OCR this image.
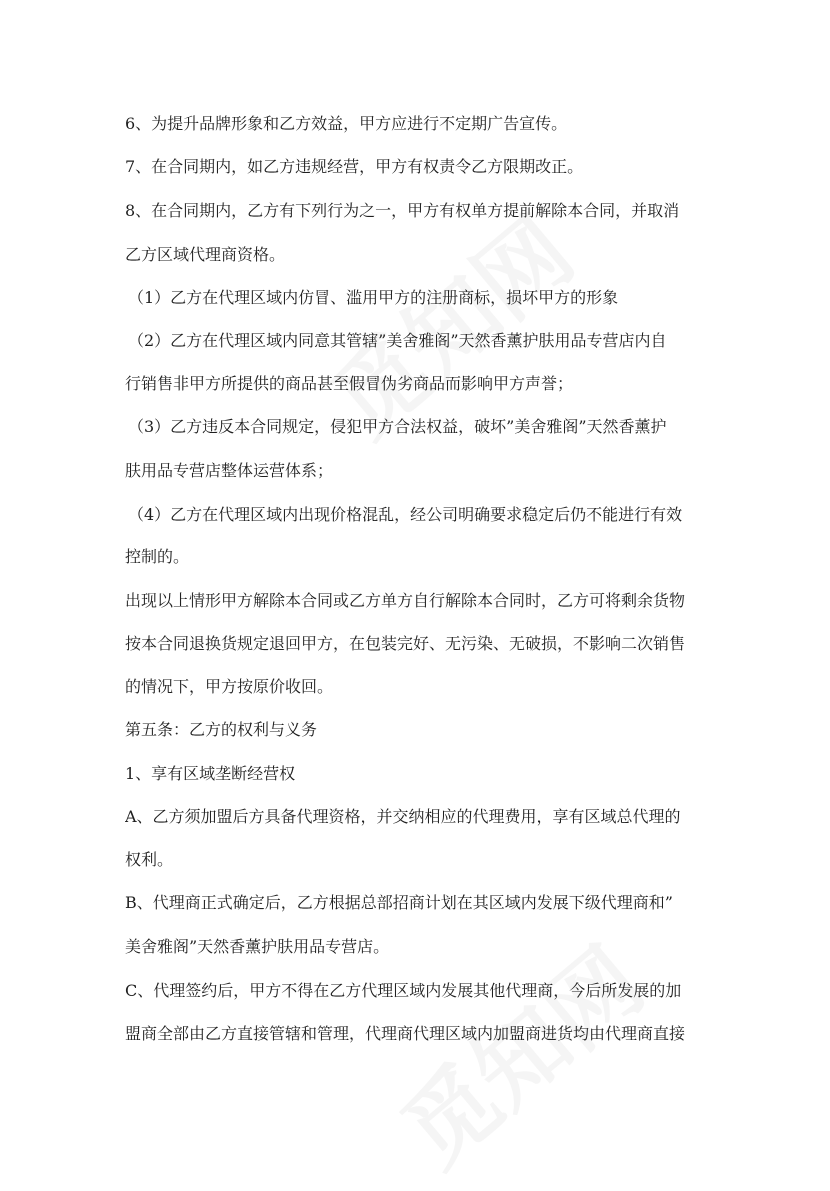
6、为提升品牌形象和乙方效益，甲方应进行不定期广告宣传。
7、在合同期内，如乙方违规经营，甲方有权责令乙方限期改正。
8、在合同期内，乙方有下列行为之一，甲方有权单方提前解除本合同，并取消
乙方区域代理商资格。
（1）乙方在代理区域内仿冒、滥用甲方的注册商标，损坏甲方的形象
（2）乙方在代理区域内同意其管辖”美舍雅阁”天然香薰护肤用品专营店内自
行销售非甲方所提供的商品甚至假冒伪劣商品而影响甲方声誉；
（3）乙方违反本合同规定，侵犯甲方合法权益，破坏”美舍雅阁”天然香薰护
肤用品专营店整体运营体系；
（4）乙方在代理区域内出现价格混乱，经公司明确要求稳定后仍不能进行有效
控制的。
出现以上情形甲方解除本合同或乙方单方自行解除本合同时，乙方可将剩余货物
按本合同退换货规定退回甲方，在包装完好、无污染、无破损，不影响二次销售
的情况下，甲方按原价收回。
第五条：乙方的权利与义务
1、享有区域垄断经营权
A、乙方须加盟后方具备代理资格，并交纳相应的代理费用，享有区域总代理的
权利。
B、代理商正式确定后，乙方根据总部招商计划在其区域内发展下级代理商和”
美舍雅阁”天然香薰护肤用品专营店。
C、代理签约后，甲方不得在乙方代理区域内发展其他代理商，今后所发展的加
盟商全部由乙方直接管辖和管理，代理商代理区域内加盟商进货均由代理商直接
